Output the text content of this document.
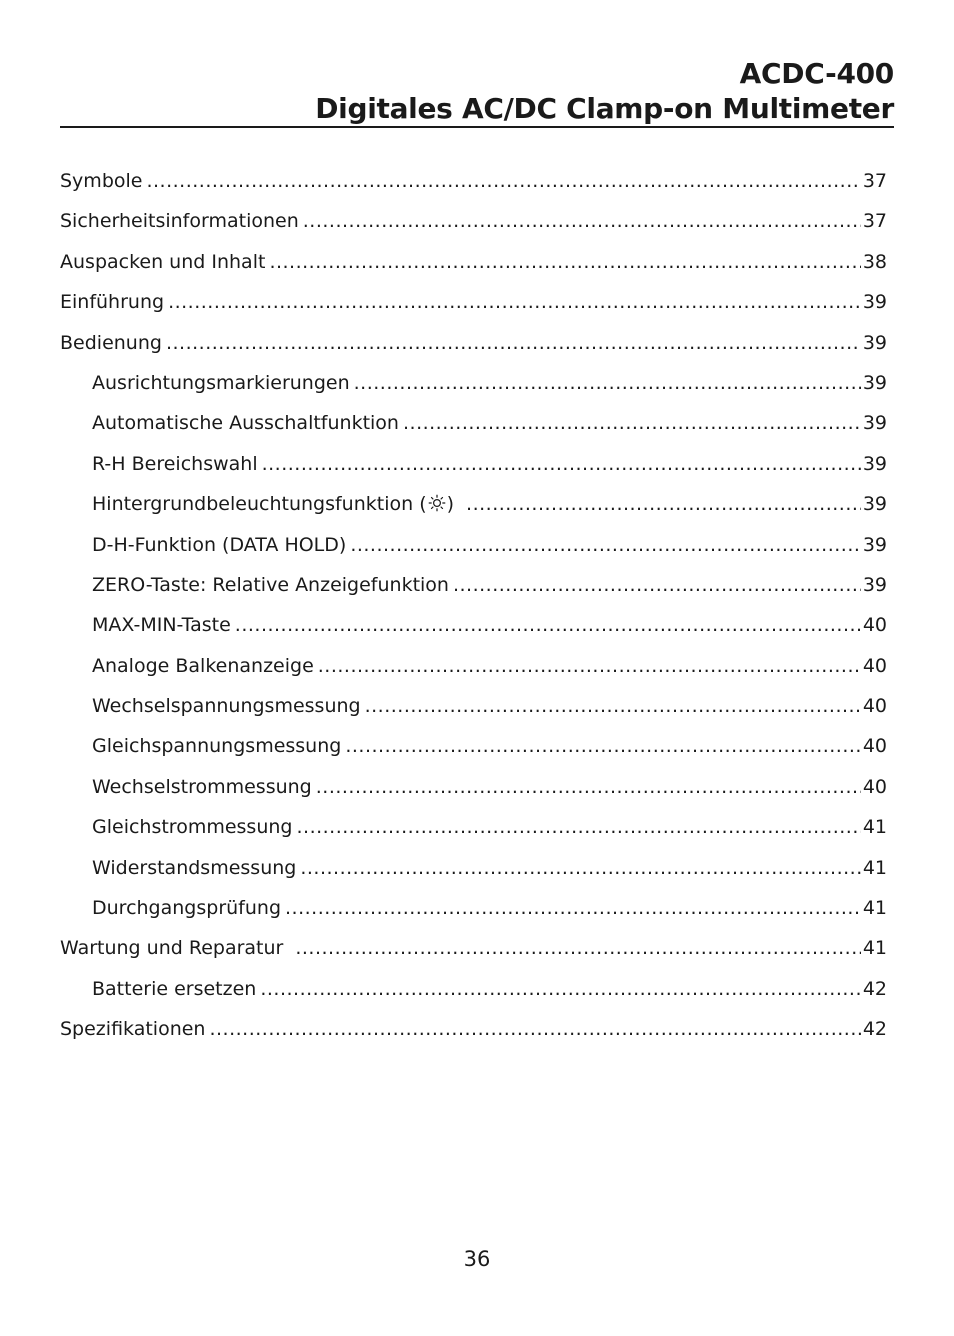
ACDC-400
Digitales AC/DC Clamp-on Multimeter
Symbole .....	37
Sicherheitsinformationen .....	37
Auspacken und Inhalt .....	38
Einführung .....	39
Bedienung .....	39
Ausrichtungsmarkierungen .....	39
Automatische Ausschaltfunktion .....	39
R-H Bereichswahl .....	39
Hintergrundbeleuchtungsfunktion ( ) .....	39
D-H-Funktion (DATA HOLD) .....	39
ZERO-Taste: Relative Anzeigefunktion .....	39
MAX-MIN-Taste .....	40
Analoge Balkenanzeige .....	40
Wechselspannungsmessung .....	40
Gleichspannungsmessung .....	40
Wechselstrommessung .....	40
Gleichstrommessung .....	41
Widerstandsmessung .....	41
Durchgangsprüfung .....	41
Wartung und Reparatur .....	41
Batterie ersetzen .....	42
Spezifikationen .....	42
36
